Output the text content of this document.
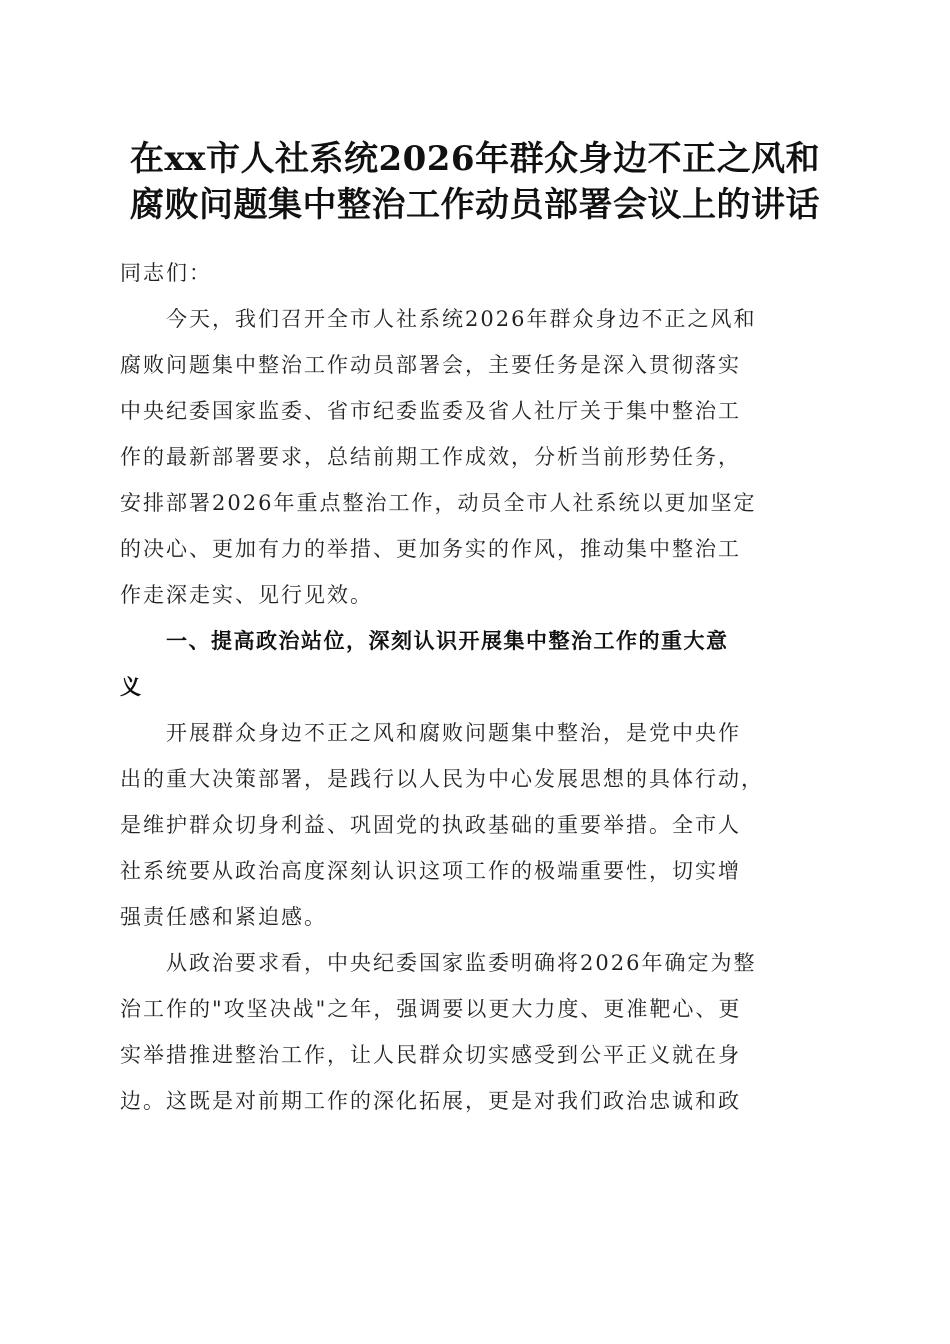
在xx市人社系统2026年群众身边不正之风和
腐败问题集中整治工作动员部署会议上的讲话

同志们：

今天，我们召开全市人社系统2026年群众身边不正之风和
腐败问题集中整治工作动员部署会，主要任务是深入贯彻落实
中央纪委国家监委、省市纪委监委及省人社厅关于集中整治工
作的最新部署要求，总结前期工作成效，分析当前形势任务，
安排部署2026年重点整治工作，动员全市人社系统以更加坚定
的决心、更加有力的举措、更加务实的作风，推动集中整治工
作走深走实、见行见效。

一、提高政治站位，深刻认识开展集中整治工作的重大意
义

开展群众身边不正之风和腐败问题集中整治，是党中央作
出的重大决策部署，是践行以人民为中心发展思想的具体行动，
是维护群众切身利益、巩固党的执政基础的重要举措。全市人
社系统要从政治高度深刻认识这项工作的极端重要性，切实增
强责任感和紧迫感。

从政治要求看，中央纪委国家监委明确将2026年确定为整
治工作的"攻坚决战"之年，强调要以更大力度、更准靶心、更
实举措推进整治工作，让人民群众切实感受到公平正义就在身
边。这既是对前期工作的深化拓展，更是对我们政治忠诚和政
